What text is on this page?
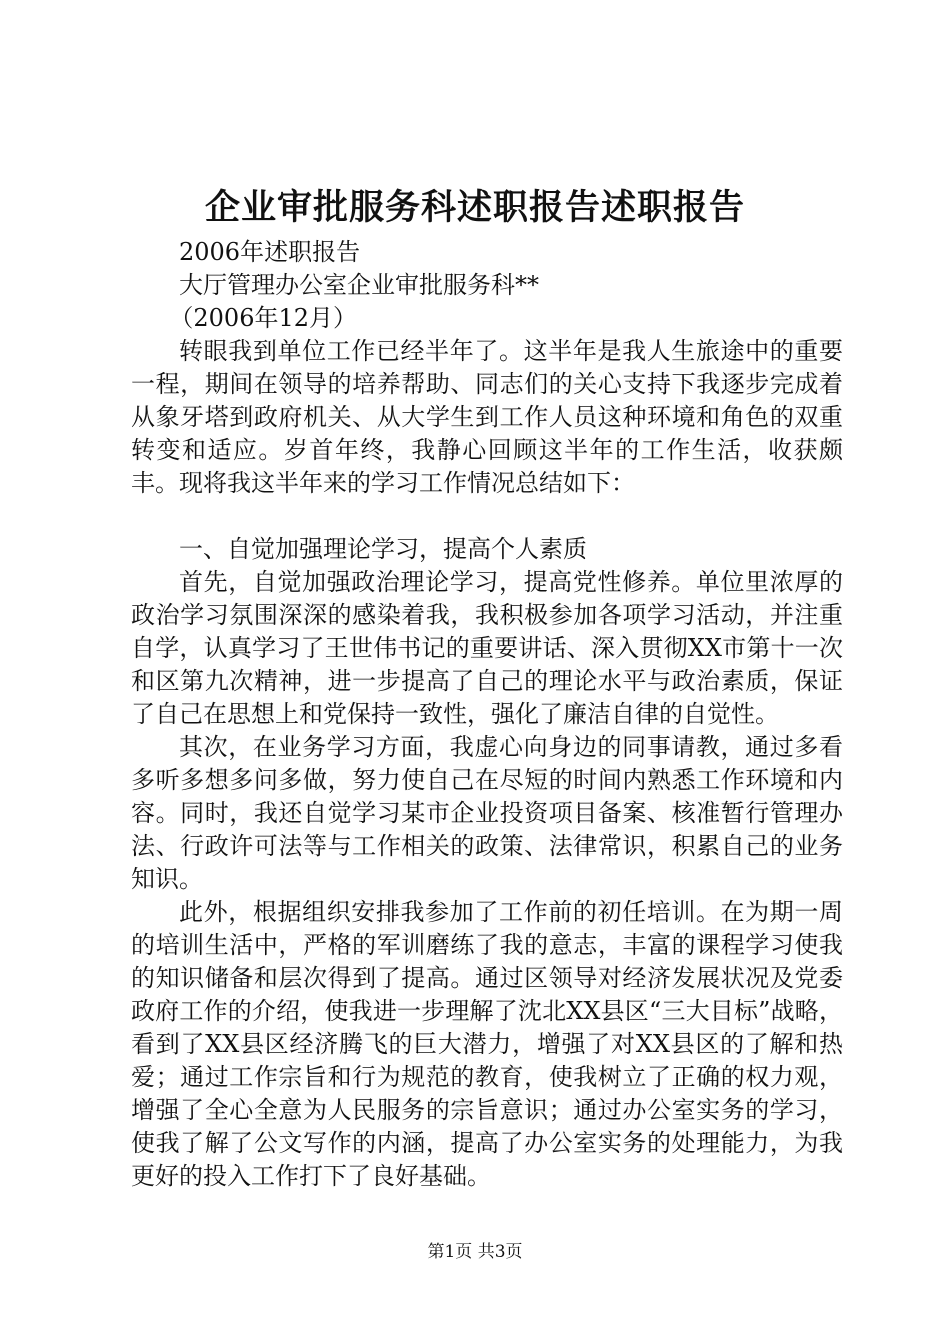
企业审批服务科述职报告述职报告

2006年述职报告

大厅管理办公室企业审批服务科**

（2006年12月）

转眼我到单位工作已经半年了。这半年是我人生旅途中的重要一程，期间在领导的培养帮助、同志们的关心支持下我逐步完成着从象牙塔到政府机关、从大学生到工作人员这种环境和角色的双重转变和适应。岁首年终，我静心回顾这半年的工作生活，收获颇丰。现将我这半年来的学习工作情况总结如下：

一、自觉加强理论学习，提高个人素质

首先，自觉加强政治理论学习，提高党性修养。单位里浓厚的政治学习氛围深深的感染着我，我积极参加各项学习活动，并注重自学，认真学习了王世伟书记的重要讲话、深入贯彻XX市第十一次和区第九次精神，进一步提高了自己的理论水平与政治素质，保证了自己在思想上和党保持一致性，强化了廉洁自律的自觉性。

其次，在业务学习方面，我虚心向身边的同事请教，通过多看多听多想多问多做，努力使自己在尽短的时间内熟悉工作环境和内容。同时，我还自觉学习某市企业投资项目备案、核准暂行管理办法、行政许可法等与工作相关的政策、法律常识，积累自己的业务知识。

此外，根据组织安排我参加了工作前的初任培训。在为期一周的培训生活中，严格的军训磨练了我的意志，丰富的课程学习使我的知识储备和层次得到了提高。通过区领导对经济发展状况及党委政府工作的介绍，使我进一步理解了沈北XX县区“三大目标”战略，看到了XX县区经济腾飞的巨大潜力，增强了对XX县区的了解和热爱；通过工作宗旨和行为规范的教育，使我树立了正确的权力观，增强了全心全意为人民服务的宗旨意识；通过办公室实务的学习，使我了解了公文写作的内涵，提高了办公室实务的处理能力，为我更好的投入工作打下了良好基础。

第1页 共3页
